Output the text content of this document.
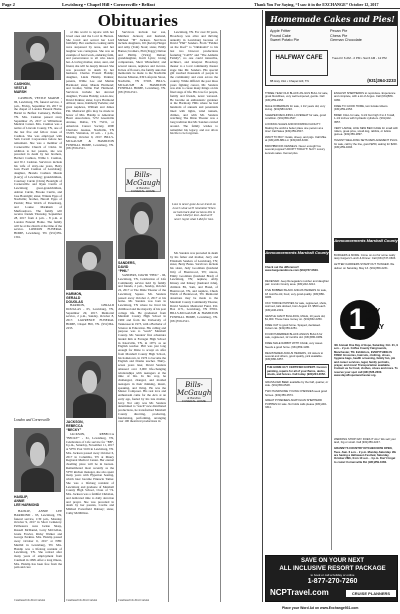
Page 2	Lewisburg • Chapel Hill • Cornersville • Belfast	Thank You For Saying, “I saw it in the EXCHANGE” October 12, 2017
Obituaries
CASHION,
VESTLE
MARSH

CASHION, VESTLE MARSH - 96, Lewisburg, TN, funeral service, 1 p.m., Friday, September 29, 2017 in the chapel of London Funeral Home. Burial in Belfast Cemetery, Belfast, TN. Mrs. Cashion passed away September 25, 2017 at Williamson Medical Center. Mrs. Cashion was a native of Lincoln County, TN, one of the last five and fellow Jones of Cashion. She was employed with Sam Carroll Corporation before her retirement. She was a member of Cornersville Church of Christ. In addition to her parents, she was preceded in death by her brothers, Herbert Cashion, Willie I. Cashion, and W.J. Cashion. Survivors include his wife of sixty-one years, Betty Jean Ewell Cashion of Lewisburg; daughter, Brenda Cashion Meade (Larry) of Lewisburg; grandchildren, Courtney Currin (Chris) Boatright of Cornersville and Ryan Currin of Lewisburg; great-grandchildren, Ashton Currin, Brooke Currin, and Jase Boatright; sister, Winnie Epps of Nashville; brother, Harold Epps of Parrish; Elise Welch of Petersburg, and Louise Markham of Murfreesboro. The family will receive friends Thursday, September 28, 2017 from 4 p.m. - 8 p.m. at London Funeral Home. The family will be at the church at the time of the service. LONDON FUNERAL HOME, Lewisburg, TN. (931)359-1561.

London and Cornersville
HAISLIP,
ANNIE
LEE HARMOND

HAISLIP, ANNIE LEE HARMOND - 93, Lewisburg, TN, funeral service, 1:30 p.m., Monday, October 9, 2017 in Short Cemetery. Pallbearers were Jackie Sharp, Russell McDaniel, Larry McClellan, Jessie Fowler, Ricky Walker and George Perkins. Mrs. Haislip passed away October 6, 2017 at NHC Merihil in Lewisburg, TN. Mrs. Haislip was a lifelong resident of Lewisburg, TN. She retired after many years of employment from Caumsid in 1998. After a long illness, Mrs. Haislip has been free from the pain and care

Continued On Next Column

of this world to rejoice with her loved ones and the Lord in Heaven. She loved and served her Lord faithfully. Her southern cooking skills were surpassed by none, and her laughter was contagious. She was an example of hard work, enduring faith, and perseverance to all who knew her. A loving mother, sister, aunt, and friend, she will be deeply missed. She was preceded in death by her husband, Charles Everett Haislip; daughter, Linda Haislip Perkins; parents, Willie Lee and Mamie Harmond; sister, Maude Harmond; and brother, Willie Earl Harmond. Survivors include her devoted daughter, Yvonne Haislip; son-in-law, David Perkins; sister, Joyce Harmond Allison; niece, Kimberly Perkins; and great nephews, William and James Pitt. Memorial gifts may be made in honor of Mrs. Haislip to American Heart Association, 7272 Greenville Avenue, Dallas, TX 75231, or American Cancer Society, 2000 Charlotte Avenue, Nashville, TN 37203. Visitation, 10 a.m. - 1 p.m., Monday, October 9, 2017. BILLS-MCGAUGH & HAMILTON FUNERAL HOME, Lewisburg, TN. (931)359-2521.

HARMON,
GERALD
DOUGLAS

HARMON, GERALD DOUGLAS - 65, Lewisburg, TN, September 29, 2017. Memorial service, 2 p.m., Sunday, October 8, 2017. LAWRENCE FUNERAL HOME, Chapel Hill, TN. (931)364-2233.

JACKSON,
REBECCA
“BECKY”

JACKSON, REBECCA “BECKY” - 61, Lewisburg, TN, Celebration of Life service for “BB”, 6 p.m., Saturday, November 11, 2017 at VFW Post 5109 in Lewisburg, TN. Mrs. Jackson passed away October 6, 2017 in Columbia, TN at Maury Regional Medical Center. Her eternal dwelling place will be in heaven. Remembered most recently as the VFW kitchen manager, she also spent many years with Hyperion Seating, which later became Pinnacle Tamer. She was a lifelong resident of Lewisburg and graduate of Marshall County High School, Class of '74. Mrs. Jackson was a faithful Christian, and dedicated time to daily devotion and prayer. She was preceded in death by her parents, Cordie and Mildred Porterfield Dabney; sister, Cathy McMillion.

Continued On Next Column

Survivors include her son, Matthew Jackson; and husband, Michael “B” Jackson. Survivors include daughters, Jill (Kevin) Harger and Amy (Tom) Stout; sister, Emily Barnes; brothers, Phil (Peggy) Dalton and Phillip (Vicky) Dalton; granddaughter, Karli Lynn; loving companions, Sheri Winnefield; and several nieces, nephews and in-laws. In lieu of flowers, the family asks that memorials be made to the Nashville Rescue Mission, 639 Lafayette Street, Nashville, TN 37203. BILLS-MCGAUGH & HAMILTON FUNERAL HOME, Lewisburg, TN. (931)359-2521.

Bills-McGaugh
& Hamilton
FUNERAL HOME
SANDERS,
DAVID
“PHIL”

SANDERS, DAVID “PHIL” - 66, Lewisburg, TN, Celebration of Life Community service held by family and friends, 2 p.m., Sunday, October 22, 2017 at The Dixie Theater of the Lewisburg Square. Mr. Sanders passed away October 2, 2017 at his home. Mr. Sanders was born in Lewisburg, TN where he lived his childhood and the majority of his post college life. He graduated from Marshall County High School in 1969 and from the University of Tennessee in 1973, with a Bachelor of Science in Education. His calling and purpose was to “teach” Marshall County. Mr. Sanders' first adventure landed him at Farragut High School in Knoxville, TN, in 1973, as an English teacher. Phil was just long enough for Dixie to accept an offer from Marshall County High School, his hometown, in 1976 to become the English and Drama teacher. Thirty-seven years later, David Sanders amassed over 3,000 life-changing relationships with teenagers at the time of life. In his way, he challenged, changed, and molded teenagers in their thinking, music, speaking, and living. He was the Master Composer. His real love and enthusiasm came for the Arts at an early age, fueled by his late mother, Jerry. Not only was Mr. Sanders determined to “teach” new distributed productions, he transformed Marshall County directing, producing, fundraising, performing, arranging over 100 theatrical productions in

Continued On Next Column

Lewisburg, TN. For over 30 years, Broadway was alive and thriving annually in Lewisburg because of David “Phil” Sanders. From “Fiddler on the Roof” to “Oklahoma” to his last two blowout productions featuring “CATS” and “The Addams Family”, no one could transcribe, architect, and interpret Broadway theater to a local community theater stage like Mr. Sanders. His special gift touched thousands of people in the community and even across the country. While difficult the past three years fighting cancer, Mr. Sanders was able to create many things on his final stage of life. His love for people, family and friends, never wavered. He became an enthusiastic gardener at the Harmony Hills where he had hundreds of annuals and perennials lined with lights, wind tunnels, chimes, and with Mr. Sanders watching The Dixie Theater was a long tradition that Mr. Sanders carried around. The family wishes to remember his legacy, and not allow his life to be forgotten.

Love is never gone As we travel on Love's what we'll remember When we look back And we know this is what I did for love. And we'll never regret what I did for love.

Mr. Sanders was preceded in death by his father and mother, Jerry and Elizabeth Sanders of Lewisburg, TN; sister, Betty Bates. Survivors include his sister, Judy Goodman (husband Jim) of Brentwood, TN; nieces, Emily Goodman (husband Brad) of Lewisburg, TN; nephew, Abby Kinsey and Kinsey (husband John), children Eli, Sam, and Hazel, of Brentwood, TN, and nephew, Chuck Welch of Brentwood, TN. Memorial donations may be made to the Marshall County Community Theater, David Sanders Memorial Fund, P.O. Box 1171, Lewisburg, TN 37091. BILLS-MCGAUGH & HAMILTON FUNERAL HOME, Lewisburg, TN. (931)359-2521.

Bills-McGaugh
& Hamilton
FUNERAL HOME
Homemade Cakes and Pies!
Apple Fritter	Pecan Pie
Pound Cake	Chess Pie
Sweet Potato Pie	German Chocolate
HALFWAY CAFE	Tues-Fri 6 AM - 2 PM • Sat 6 AM - 12 PM
88 Hwy 31A • Chapel Hill, TN	(931)364-2233

THREE YEAR OLD BLACK AN-GUS BULL for sale, great bloodlines, very well tempered, gentle. Call (931)359-2453.

MALE DOBERMAN for sale, 1 1/2 years old, very loving. (931)580-0293.

SLEEPER RECLINING LOVESEAT for sale, good condition. (931)359-2547.

LOOKING SALES AND ROOMING FACILITY. Making the world a better place one person at a time! Call Sales (931)359-0547.

WANT TO BUY: Goats, sheep, and pigs. Call Mike at (931)205-8811 or (931)993-3200.

BIRCHBROOK KENNELS. Never enough! Ice several puppies? ADOPT TODAY!!! SLCY Luxury kennels sales. Kennel plus.

Announcements Marshall County
Check out the difference!! www.burgerandmore.com (931)737-0603.

RECEIVED: Jeep Renegade's number and daughter pair. Lincoln County area. (931)242-3212.

FIVE BOBBED BLACK ANGUS HEIFERS for sale, 18 months old, bred, very good quality. (931)580-0295.

CKC TORKIE PUPPIES for sale, registered, shots, wormed, tails docked, born August 23. $500 each. (931)446-2219.

GENTLE GIANT BULLDOG, MALE, 10 years old, $1,000. These have money on. (931)652-2250.

FREE CAT to good home. Spayed, declawed. Indoor cat. (931)359-2251.

FOUR PUREBRED BLACK ANGUS BULLS for sale, registered, 12 months old. (931)580-0289.

FREE MALE RABBIT WITH CAGE, very sweet. Needs a good home. (931)359-1180.

REGISTERED ANGUS HEIFERS, 1/2 sisters to several and others, good quality, pick available. (931)580-3357.

THE HOME GUY CERTIFIED EXPERT. Custom painting, repairs for all of your Barns, decks, sheds, and fences. Call today. (931)224-0052.

GRASS-FED BEEF available by the half, quarter, or side. (931)359-0548.

TWO HANDSOME YOUNG CHESSIES seek good homes. (931)359-0574.

GREAT PYRENEES ANATOLIAN SHEPHERD PUPPIES for sale. No holds calls please (931)492-3311.

ENGLISH SHEPHERDS to reproduce. Experience and complete, with a lot of Angus. Call (931)580-0280.

FREE TO GOOD HOME, two female kittens. (931)359-2253.

BRIEF CALL for sale, 3-1/2 foot high 3 to 4 ft stall, 1-1/2 inches with hydraulic cylinders. (931)422-3557.

VERY LARGE, LIKE NEW BED CAGE for small with rollers, great price, small dog, rabbits, or fellow guinea. (931)359-2897.

HAVANT WELLDING SETS REPLACEMENT PLUG for sale, call by the line, good $250, asking for $200. (931)359-0293.

Announcements Marshall County

BURGERS & MORE. Come on out for some really tasty burgers! Lunch & Dinner. Call (931)737-0603.

LETTER CARRIERS STAMP OUT HUNGER. We deliver on Saturday, May 13. (931)359-2231.

1 DAY
of
PLAY
4th Annual One Day of Hope, Saturday, Oct. 21, 9 a.m. - 2 p.m. Coffee County Fairgrounds, Manchester, TN. Exhibitors, EVERYTHING IS FREE! Groceries, haircuts, clothing, shoes, hygiene bags, health screening, family fun, job and career services, legal, family portraits, prayer, and more! Transportation available. Contact us for food, clothes, shoes and more. To reserve your spot call (931)728-2330. www.dayofhopemanchester.org.

WEDDING SHOP DAY DOES IT ALL! We sell your land, big or small. Call (931)359-0247.

GRANNY'S COUNTRY KITCHEN NOW OPEN, Tues.-Sun. 6 a.m. - 2 p.m. Monday-Saturday. We are having a Halloween Festival, Saturday, October 28th, from 10 a.m. - 4 p.m. Don't forget to come! Cornersville Rd. (931)359-1080.

SAVE ON YOUR NEXT
ALL INCLUSIVE RESORT PACKAGE
to book or call a holiday or online
1-877-270-7260
NCPTravel.com	CRUISE PLANNERS
Place your Word Ad on www.Exchange931.com
